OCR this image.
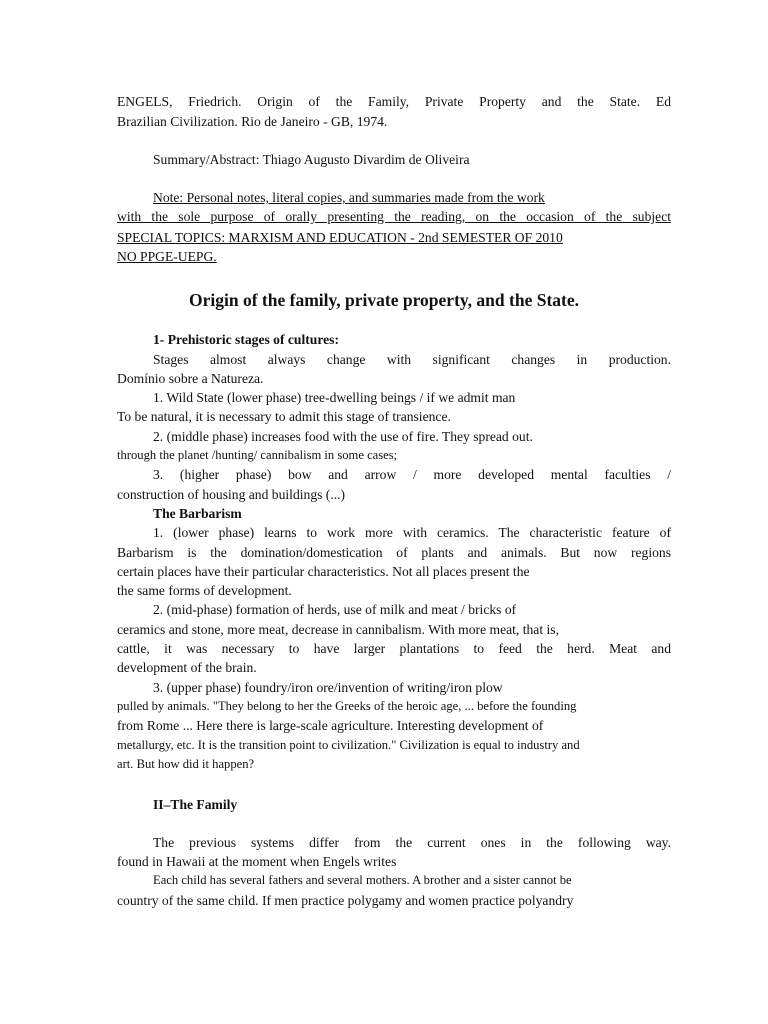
ENGELS, Friedrich. Origin of the Family, Private Property and the State. Ed

Brazilian Civilization. Rio de Janeiro - GB, 1974.

Summary/Abstract: Thiago Augusto Divardim de Oliveira

Note: Personal notes, literal copies, and summaries made from the work

with the sole purpose of orally presenting the reading, on the occasion of the subject

SPECIAL TOPICS: MARXISM AND EDUCATION - 2nd SEMESTER OF 2010

NO PPGE-UEPG.

Origin of the family, private property, and the State.

1- Prehistoric stages of cultures:

Stages almost always change with significant changes in production.

Domínio sobre a Natureza.

1. Wild State (lower phase) tree-dwelling beings / if we admit man

To be natural, it is necessary to admit this stage of transience.

2. (middle phase) increases food with the use of fire. They spread out.

through the planet /hunting/ cannibalism in some cases;

3. (higher phase) bow and arrow / more developed mental faculties /

construction of housing and buildings (...)

The Barbarism

1. (lower phase) learns to work more with ceramics. The characteristic feature of

Barbarism is the domination/domestication of plants and animals. But now regions

certain places have their particular characteristics. Not all places present the

the same forms of development.

2. (mid-phase) formation of herds, use of milk and meat / bricks of

ceramics and stone, more meat, decrease in cannibalism. With more meat, that is,

cattle, it was necessary to have larger plantations to feed the herd. Meat and

development of the brain.

3. (upper phase) foundry/iron ore/invention of writing/iron plow

pulled by animals. "They belong to her the Greeks of the heroic age, ... before the founding

from Rome ... Here there is large-scale agriculture. Interesting development of

metallurgy, etc. It is the transition point to civilization." Civilization is equal to industry and

art. But how did it happen?

II–The Family

The previous systems differ from the current ones in the following way.

found in Hawaii at the moment when Engels writes

Each child has several fathers and several mothers. A brother and a sister cannot be

country of the same child. If men practice polygamy and women practice polyandry
